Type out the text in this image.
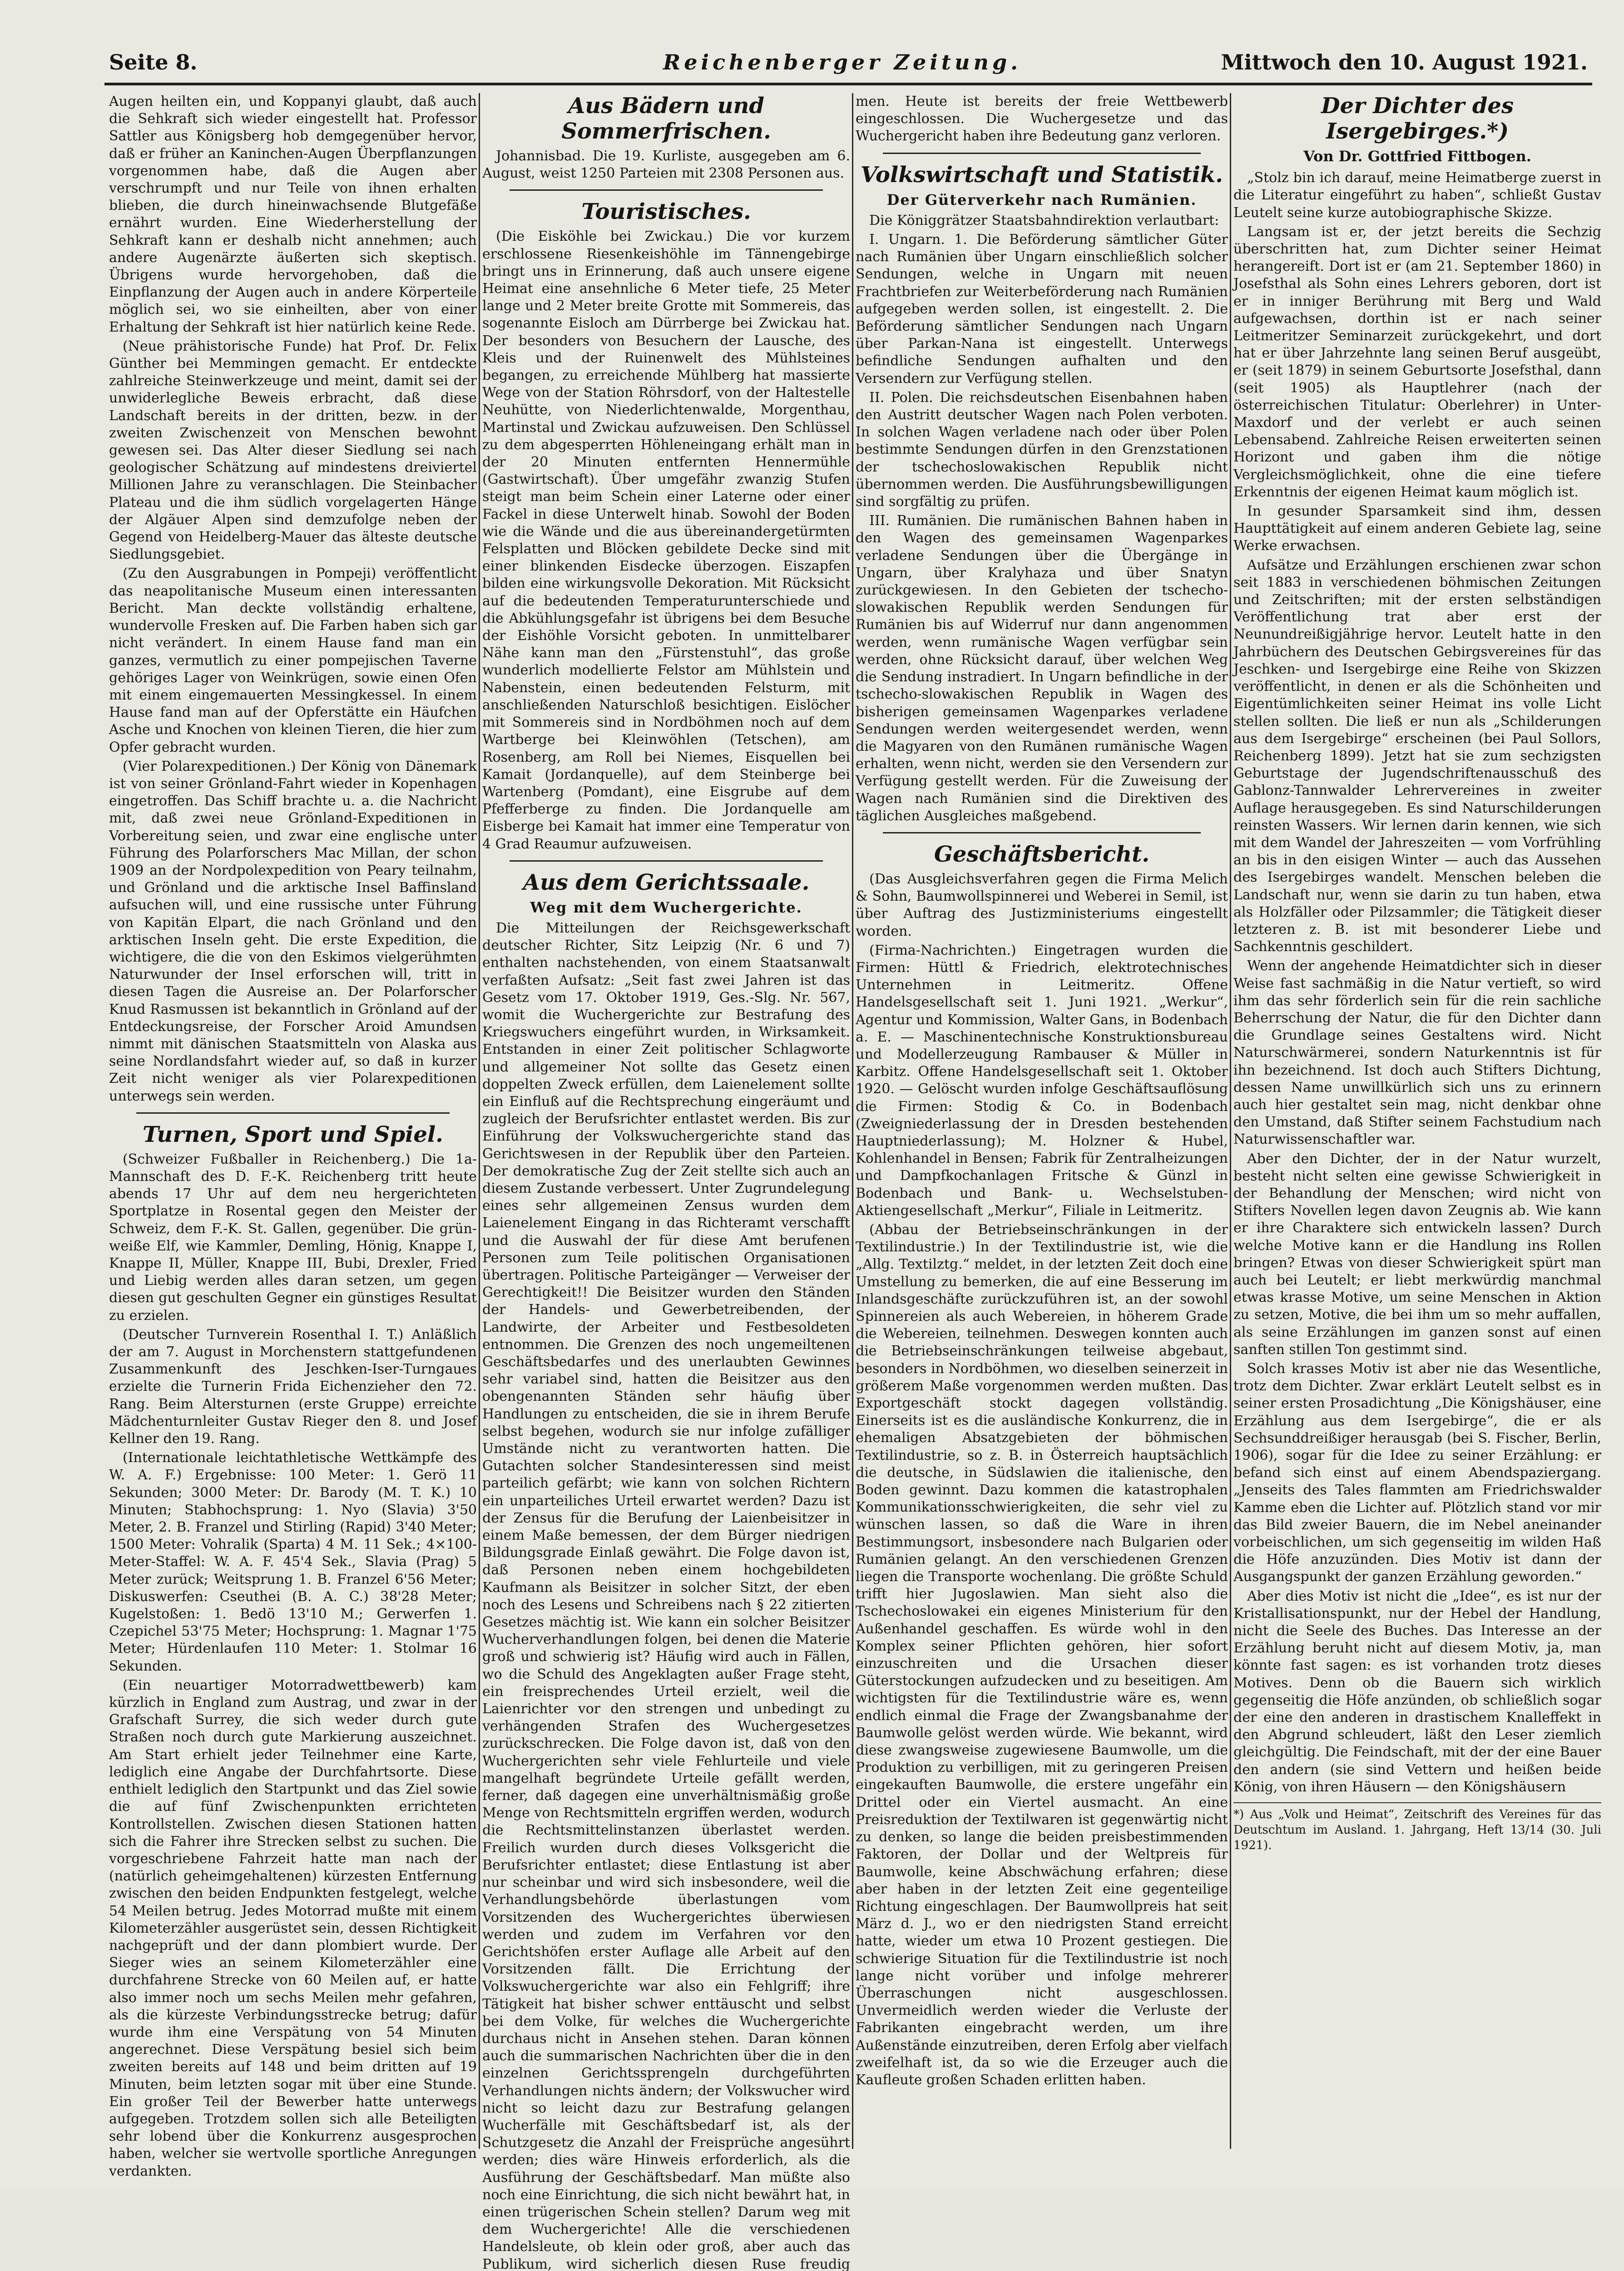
Seite 8.	Reichenberger Zeitung.	Mittwoch den 10. August 1921.

Augen heilten ein, und Koppanyi glaubt, daß auch die Sehkraft sich wieder eingestellt hat. Professor Sattler aus Königsberg hob demgegenüber hervor, daß er früher an Kaninchen-Augen Überpflanzungen vorgenommen habe, daß die Augen aber verschrumpft und nur Teile von ihnen erhalten blieben, die durch hineinwachsende Blutgefäße ernährt wurden. Eine Wiederherstellung der Sehkraft kann er deshalb nicht annehmen; auch andere Augenärzte äußerten sich skeptisch. Übrigens wurde hervorgehoben, daß die Einpflanzung der Augen auch in andere Körperteile möglich sei, wo sie einheilten, aber von einer Erhaltung der Sehkraft ist hier natürlich keine Rede.

(Neue prähistorische Funde) hat Prof. Dr. Felix Günther bei Memmingen gemacht. Er entdeckte zahlreiche Steinwerkzeuge und meint, damit sei der unwiderlegliche Beweis erbracht, daß diese Landschaft bereits in der dritten, bezw. in der zweiten Zwischenzeit von Menschen bewohnt gewesen sei. Das Alter dieser Siedlung sei nach geologischer Schätzung auf mindestens dreiviertel Millionen Jahre zu veranschlagen. Die Steinbacher Plateau und die ihm südlich vorgelagerten Hänge der Algäuer Alpen sind demzufolge neben der Gegend von Heidelberg-Mauer das älteste deutsche Siedlungsgebiet.

(Zu den Ausgrabungen in Pompeji) veröffentlicht das neapolitanische Museum einen interessanten Bericht. Man deckte vollständig erhaltene, wundervolle Fresken auf. Die Farben haben sich gar nicht verändert. In einem Hause fand man ein ganzes, vermutlich zu einer pompejischen Taverne gehöriges Lager von Weinkrügen, sowie einen Ofen mit einem eingemauerten Messingkessel. In einem Hause fand man auf der Opferstätte ein Häufchen Asche und Knochen von kleinen Tieren, die hier zum Opfer gebracht wurden.

(Vier Polarexpeditionen.) Der König von Dänemark ist von seiner Grönland-Fahrt wieder in Kopenhagen eingetroffen. Das Schiff brachte u. a. die Nachricht mit, daß zwei neue Grönland-Expeditionen in Vorbereitung seien, und zwar eine englische unter Führung des Polarforschers Mac Millan, der schon 1909 an der Nordpolexpedition von Peary teilnahm, und Grönland und die arktische Insel Baffinsland aufsuchen will, und eine russische unter Führung von Kapitän Elpart, die nach Grönland und den arktischen Inseln geht. Die erste Expedition, die wichtigere, die die von den Eskimos vielgerühmten Naturwunder der Insel erforschen will, tritt in diesen Tagen die Ausreise an. Der Polarforscher Knud Rasmussen ist bekanntlich in Grönland auf der Entdeckungsreise, der Forscher Aroid Amundsen nimmt mit dänischen Staatsmitteln von Alaska aus seine Nordlandsfahrt wieder auf, so daß in kurzer Zeit nicht weniger als vier Polarexpeditionen unterwegs sein werden.

Turnen, Sport und Spiel.

(Schweizer Fußballer in Reichenberg.) Die 1a-Mannschaft des D. F.-K. Reichenberg tritt heute abends 17 Uhr auf dem neu hergerichteten Sportplatze in Rosental gegen den Meister der Schweiz, dem F.-K. St. Gallen, gegenüber. Die grün-weiße Elf, wie Kammler, Demling, Hönig, Knappe I, Knappe II, Müller, Knappe III, Bubi, Drexler, Fried und Liebig werden alles daran setzen, um gegen diesen gut geschulten Gegner ein günstiges Resultat zu erzielen.

(Deutscher Turnverein Rosenthal I. T.) Anläßlich der am 7. August in Morchenstern stattgefundenen Zusammenkunft des Jeschken-Iser-Turngaues erzielte die Turnerin Frida Eichenzieher den 72. Rang. Beim Altersturnen (erste Gruppe) erreichte Mädchenturnleiter Gustav Rieger den 8. und Josef Kellner den 19. Rang.

(Internationale leichtathletische Wettkämpfe des W. A. F.) Ergebnisse: 100 Meter: 1. Gerö 11 Sekunden; 3000 Meter: Dr. Barody (M. T. K.) 10 Minuten; Stabhochsprung: 1. Nyo (Slavia) 3'50 Meter, 2. B. Franzel und Stirling (Rapid) 3'40 Meter; 1500 Meter: Vohralik (Sparta) 4 M. 11 Sek.; 4×100-Meter-Staffel: W. A. F. 45'4 Sek., Slavia (Prag) 5 Meter zurück; Weitsprung 1. B. Franzel 6'56 Meter; Diskuswerfen: Cseuthei (B. A. C.) 38'28 Meter; Kugelstoßen: 1. Bedö 13'10 M.; Gerwerfen 1. Czepichel 53'75 Meter; Hochsprung: 1. Magnar 1'75 Meter; Hürdenlaufen 110 Meter: 1. Stolmar 16 Sekunden.

(Ein neuartiger Motorradwettbewerb) kam kürzlich in England zum Austrag, und zwar in der Grafschaft Surrey, die sich weder durch gute Straßen noch durch gute Markierung auszeichnet. Am Start erhielt jeder Teilnehmer eine Karte, lediglich eine Angabe der Durchfahrtsorte. Diese enthielt lediglich den Startpunkt und das Ziel sowie die auf fünf Zwischenpunkten errichteten Kontrollstellen. Zwischen diesen Stationen hatten sich die Fahrer ihre Strecken selbst zu suchen. Die vorgeschriebene Fahrzeit hatte man nach der (natürlich geheimgehaltenen) kürzesten Entfernung zwischen den beiden Endpunkten festgelegt, welche 54 Meilen betrug. Jedes Motorrad mußte mit einem Kilometerzähler ausgerüstet sein, dessen Richtigkeit nachgeprüft und der dann plombiert wurde. Der Sieger wies an seinem Kilometerzähler eine durchfahrene Strecke von 60 Meilen auf, er hatte also immer noch um sechs Meilen mehr gefahren, als die kürzeste Verbindungsstrecke betrug; dafür wurde ihm eine Verspätung von 54 Minuten angerechnet. Diese Verspätung besiel sich beim zweiten bereits auf 148 und beim dritten auf 19 Minuten, beim letzten sogar mit über eine Stunde. Ein großer Teil der Bewerber hatte unterwegs aufgegeben. Trotzdem sollen sich alle Beteiligten sehr lobend über die Konkurrenz ausgesprochen haben, welcher sie wertvolle sportliche Anregungen verdankten.

Aus Bädern und Sommerfrischen.

Johannisbad. Die 19. Kurliste, ausgegeben am 6. August, weist 1250 Parteien mit 2308 Personen aus.

Touristisches.

(Die Eisköhle bei Zwickau.) Die vor kurzem erschlossene Riesenkeishöhle im Tännengebirge bringt uns in Erinnerung, daß auch unsere eigene Heimat eine ansehnliche 6 Meter tiefe, 25 Meter lange und 2 Meter breite Grotte mit Sommereis, das sogenannte Eisloch am Dürrberge bei Zwickau hat. Der besonders von Besuchern der Lausche, des Kleis und der Ruinenwelt des Mühlsteines begangen, zu erreichende Mühlberg hat massierte Wege von der Station Röhrsdorf, von der Haltestelle Neuhütte, von Niederlichtenwalde, Morgenthau, Martinstal und Zwickau aufzuweisen. Den Schlüssel zu dem abgesperrten Höhleneingang erhält man in der 20 Minuten entfernten Hennermühle (Gastwirtschaft). Über umgefähr zwanzig Stufen steigt man beim Schein einer Laterne oder einer Fackel in diese Unterwelt hinab. Sowohl der Boden wie die Wände und die aus übereinandergetürmten Felsplatten und Blöcken gebildete Decke sind mit einer blinkenden Eisdecke überzogen. Eiszapfen bilden eine wirkungsvolle Dekoration. Mit Rücksicht auf die bedeutenden Temperaturunterschiede und die Abkühlungsgefahr ist übrigens bei dem Besuche der Eishöhle Vorsicht geboten. In unmittelbarer Nähe kann man den „Fürstenstuhl“, das große wunderlich modellierte Felstor am Mühlstein und Nabenstein, einen bedeutenden Felsturm, mit anschließenden Naturschloß besichtigen. Eislöcher mit Sommereis sind in Nordböhmen noch auf dem Wartberge bei Kleinwöhlen (Tetschen), am Rosenberg, am Roll bei Niemes, Eisquellen bei Kamait (Jordanquelle), auf dem Steinberge bei Wartenberg (Pomdant), eine Eisgrube auf dem Pfefferberge zu finden. Die Jordanquelle am Eisberge bei Kamait hat immer eine Temperatur von 4 Grad Reaumur aufzuweisen.

Aus dem Gerichtssaale.
Weg mit dem Wuchergerichte.

Die Mitteilungen der Reichsgewerkschaft deutscher Richter, Sitz Leipzig (Nr. 6 und 7) enthalten nachstehenden, von einem Staatsanwalt verfaßten Aufsatz: „Seit fast zwei Jahren ist das Gesetz vom 17. Oktober 1919, Ges.-Slg. Nr. 567, womit die Wuchergerichte zur Bestrafung des Kriegswuchers eingeführt wurden, in Wirksamkeit. Entstanden in einer Zeit politischer Schlagworte und allgemeiner Not sollte das Gesetz einen doppelten Zweck erfüllen, dem Laienelement sollte ein Einfluß auf die Rechtsprechung eingeräumt und zugleich der Berufsrichter entlastet werden. Bis zur Einführung der Volkswuchergerichte stand das Gerichtswesen in der Republik über den Parteien. Der demokratische Zug der Zeit stellte sich auch an diesem Zustande verbessert. Unter Zugrundelegung eines sehr allgemeinen Zensus wurden dem Laienelement Eingang in das Richteramt verschafft und die Auswahl der für diese Amt berufenen Personen zum Teile politischen Organisationen übertragen. Politische Parteigänger — Verweiser der Gerechtigkeit!! Die Beisitzer wurden den Ständen der Handels- und Gewerbetreibenden, der Landwirte, der Arbeiter und Festbesoldeten entnommen. Die Grenzen des noch ungemeiltenen Geschäftsbedarfes und des unerlaubten Gewinnes sehr variabel sind, hatten die Beisitzer aus den obengenannten Ständen sehr häufig über Handlungen zu entscheiden, die sie in ihrem Berufe selbst begehen, wodurch sie nur infolge zufälliger Umstände nicht zu verantworten hatten. Die Gutachten solcher Standesinteressen sind meist parteilich gefärbt; wie kann von solchen Richtern ein unparteiliches Urteil erwartet werden? Dazu ist der Zensus für die Berufung der Laienbeisitzer in einem Maße bemessen, der dem Bürger niedrigen Bildungsgrade Einlaß gewährt. Die Folge davon ist, daß Personen neben einem hochgebildeten Kaufmann als Beisitzer in solcher Sitzt, der eben noch des Lesens und Schreibens nach § 22 zitierten Gesetzes mächtig ist. Wie kann ein solcher Beisitzer Wucherverhandlungen folgen, bei denen die Materie groß und schwierig ist? Häufig wird auch in Fällen, wo die Schuld des Angeklagten außer Frage steht, ein freisprechendes Urteil erzielt, weil die Laienrichter vor den strengen und unbedingt zu verhängenden Strafen des Wuchergesetzes zurückschrecken. Die Folge davon ist, daß von den Wuchergerichten sehr viele Fehlurteile und viele mangelhaft begründete Urteile gefällt werden, ferner, daß dagegen eine unverhältnismäßig große Menge von Rechtsmitteln ergriffen werden, wodurch die Rechtsmittelinstanzen überlastet werden. Freilich wurden durch dieses Volksgericht die Berufsrichter entlastet; diese Entlastung ist aber nur scheinbar und wird sich insbesondere, weil die Verhandlungsbehörde überlastungen vom Vorsitzenden des Wuchergerichtes überwiesen werden und zudem im Verfahren vor den Gerichtshöfen erster Auflage alle Arbeit auf den Vorsitzenden fällt. Die Errichtung der Volkswuchergerichte war also ein Fehlgriff; ihre Tätigkeit hat bisher schwer enttäuscht und selbst bei dem Volke, für welches die Wuchergerichte durchaus nicht in Ansehen stehen. Daran können auch die summarischen Nachrichten über die in den einzelnen Gerichtssprengeln durchgeführten Verhandlungen nichts ändern; der Volkswucher wird nicht so leicht dazu zur Bestrafung gelangen Wucherfälle mit Geschäftsbedarf ist, als der Schutzgesetz die Anzahl der Freisprüche angesührt werden; dies wäre Hinweis erforderlich, als die Ausführung der Geschäftsbedarf. Man müßte also noch eine Einrichtung, die sich nicht bewährt hat, in einen trügerischen Schein stellen? Darum weg mit dem Wuchergerichte! Alle die verschiedenen Handelsleute, ob klein oder groß, aber auch das Publikum, wird sicherlich diesen Ruse freudig

men. Heute ist bereits der freie Wettbewerb eingeschlossen. Die Wuchergesetze und das Wuchergericht haben ihre Bedeutung ganz verloren.

Volkswirtschaft und Statistik.
Der Güterverkehr nach Rumänien.

Die Königgrätzer Staatsbahndirektion verlautbart:

I. Ungarn. 1. Die Beförderung sämtlicher Güter nach Rumänien über Ungarn einschließlich solcher Sendungen, welche in Ungarn mit neuen Frachtbriefen zur Weiterbeförderung nach Rumänien aufgegeben werden sollen, ist eingestellt. 2. Die Beförderung sämtlicher Sendungen nach Ungarn über Parkan-Nana ist eingestellt. Unterwegs befindliche Sendungen aufhalten und den Versendern zur Verfügung stellen.

II. Polen. Die reichsdeutschen Eisenbahnen haben den Austritt deutscher Wagen nach Polen verboten. In solchen Wagen verladene nach oder über Polen bestimmte Sendungen dürfen in den Grenzstationen der tschechoslowakischen Republik nicht übernommen werden. Die Ausführungsbewilligungen sind sorgfältig zu prüfen.

III. Rumänien. Die rumänischen Bahnen haben in den Wagen des gemeinsamen Wagenparkes verladene Sendungen über die Übergänge in Ungarn, über Kralyhaza und über Snatyn zurückgewiesen. In den Gebieten der tschecho-slowakischen Republik werden Sendungen für Rumänien bis auf Widerruf nur dann angenommen werden, wenn rumänische Wagen verfügbar sein werden, ohne Rücksicht darauf, über welchen Weg die Sendung instradiert. In Ungarn befindliche in der tschecho-slowakischen Republik in Wagen des bisherigen gemeinsamen Wagenparkes verladene Sendungen werden weitergesendet werden, wenn die Magyaren von den Rumänen rumänische Wagen erhalten, wenn nicht, werden sie den Versendern zur Verfügung gestellt werden. Für die Zuweisung der Wagen nach Rumänien sind die Direktiven des täglichen Ausgleiches maßgebend.

Geschäftsbericht.

(Das Ausgleichsverfahren gegen die Firma Melich & Sohn, Baumwollspinnerei und Weberei in Semil, ist über Auftrag des Justizministeriums eingestellt worden.

(Firma-Nachrichten.) Eingetragen wurden die Firmen: Hüttl & Friedrich, elektrotechnisches Unternehmen in Leitmeritz. Offene Handelsgesellschaft seit 1. Juni 1921. „Werkur“, Agentur und Kommission, Walter Gans, in Bodenbach a. E. — Maschinentechnische Konstruktionsbureau und Modellerzeugung Rambauser & Müller in Karbitz. Offene Handelsgesellschaft seit 1. Oktober 1920. — Gelöscht wurden infolge Geschäftsauflösung die Firmen: Stodig & Co. in Bodenbach (Zweigniederlassung der in Dresden bestehenden Hauptniederlassung); M. Holzner & Hubel, Kohlenhandel in Bensen; Fabrik für Zentralheizungen und Dampfkochanlagen Fritsche & Günzl in Bodenbach und Bank- u. Wechselstuben-Aktiengesellschaft „Merkur“, Filiale in Leitmeritz.

(Abbau der Betriebseinschränkungen in der Textilindustrie.) In der Textilindustrie ist, wie die „Allg. Textilztg.“ meldet, in der letzten Zeit doch eine Umstellung zu bemerken, die auf eine Besserung im Inlandsgeschäfte zurückzuführen ist, an der sowohl Spinnereien als auch Webereien, in höherem Grade die Webereien, teilnehmen. Deswegen konnten auch die Betriebseinschränkungen teilweise abgebaut, besonders in Nordböhmen, wo dieselben seinerzeit in größerem Maße vorgenommen werden mußten. Das Exportgeschäft stockt dagegen vollständig. Einerseits ist es die ausländische Konkurrenz, die in ehemaligen Absatzgebieten der böhmischen Textilindustrie, so z. B. in Österreich hauptsächlich die deutsche, in Südslawien die italienische, den Boden gewinnt. Dazu kommen die katastrophalen Kommunikationsschwierigkeiten, die sehr viel zu wünschen lassen, so daß die Ware in ihren Bestimmungsort, insbesondere nach Bulgarien oder Rumänien gelangt. An den verschiedenen Grenzen liegen die Transporte wochenlang. Die größte Schuld trifft hier Jugoslawien. Man sieht also die Tschechoslowakei ein eigenes Ministerium für den Außenhandel geschaffen. Es würde wohl in den Komplex seiner Pflichten gehören, hier sofort einzuschreiten und die Ursachen dieser Güterstockungen aufzudecken und zu beseitigen. Am wichtigsten für die Textilindustrie wäre es, wenn endlich einmal die Frage der Zwangsbanahme der Baumwolle gelöst werden würde. Wie bekannt, wird diese zwangsweise zugewiesene Baumwolle, um die Produktion zu verbilligen, mit zu geringeren Preisen eingekauften Baumwolle, die erstere ungefähr ein Drittel oder ein Viertel ausmacht. An eine Preisreduktion der Textilwaren ist gegenwärtig nicht zu denken, so lange die beiden preisbestimmenden Faktoren, der Dollar und der Weltpreis für Baumwolle, keine Abschwächung erfahren; diese aber haben in der letzten Zeit eine gegenteilige Richtung eingeschlagen. Der Baumwollpreis hat seit März d. J., wo er den niedrigsten Stand erreicht hatte, wieder um etwa 10 Prozent gestiegen. Die schwierige Situation für die Textilindustrie ist noch lange nicht vorüber und infolge mehrerer Überraschungen nicht ausgeschlossen. Unvermeidlich werden wieder die Verluste der Fabrikanten eingebracht werden, um ihre Außenstände einzutreiben, deren Erfolg aber vielfach zweifelhaft ist, da so wie die Erzeuger auch die Kaufleute großen Schaden erlitten haben.

Der Dichter des Isergebirges.*)
Von Dr. Gottfried Fittbogen.

„Stolz bin ich darauf, meine Heimatberge zuerst in die Literatur eingeführt zu haben“, schließt Gustav Leutelt seine kurze autobiographische Skizze.

Langsam ist er, der jetzt bereits die Sechzig überschritten hat, zum Dichter seiner Heimat herangereift. Dort ist er (am 21. September 1860) in Josefsthal als Sohn eines Lehrers geboren, dort ist er in inniger Berührung mit Berg und Wald aufgewachsen, dorthin ist er nach seiner Leitmeritzer Seminarzeit zurückgekehrt, und dort hat er über Jahrzehnte lang seinen Beruf ausgeübt, er (seit 1879) in seinem Geburtsorte Josefsthal, dann (seit 1905) als Hauptlehrer (nach der österreichischen Titulatur: Oberlehrer) in Unter-Maxdorf und der verlebt er auch seinen Lebensabend. Zahlreiche Reisen erweiterten seinen Horizont und gaben ihm die nötige Vergleichsmöglichkeit, ohne die eine tiefere Erkenntnis der eigenen Heimat kaum möglich ist.

In gesunder Sparsamkeit sind ihm, dessen Haupttätigkeit auf einem anderen Gebiete lag, seine Werke erwachsen.

Aufsätze und Erzählungen erschienen zwar schon seit 1883 in verschiedenen böhmischen Zeitungen und Zeitschriften; mit der ersten selbständigen Veröffentlichung trat aber erst der Neunundreißigjährige hervor. Leutelt hatte in den Jahrbüchern des Deutschen Gebirgsvereines für das Jeschken- und Isergebirge eine Reihe von Skizzen veröffentlicht, in denen er als die Schönheiten und Eigentümlichkeiten seiner Heimat ins volle Licht stellen sollten. Die ließ er nun als „Schilderungen aus dem Isergebirge“ erscheinen (bei Paul Sollors, Reichenberg 1899). Jetzt hat sie zum sechzigsten Geburtstage der Jugendschriftenausschuß des Gablonz-Tannwalder Lehrervereines in zweiter Auflage herausgegeben. Es sind Naturschilderungen reinsten Wassers. Wir lernen darin kennen, wie sich mit dem Wandel der Jahreszeiten — vom Vorfrühling an bis in den eisigen Winter — auch das Aussehen des Isergebirges wandelt. Menschen beleben die Landschaft nur, wenn sie darin zu tun haben, etwa als Holzfäller oder Pilzsammler; die Tätigkeit dieser letzteren z. B. ist mit besonderer Liebe und Sachkenntnis geschildert.

Wenn der angehende Heimatdichter sich in dieser Weise fast sachmäßig in die Natur vertieft, so wird ihm das sehr förderlich sein für die rein sachliche Beherrschung der Natur, die für den Dichter dann die Grundlage seines Gestaltens wird. Nicht Naturschwärmerei, sondern Naturkenntnis ist für ihn bezeichnend. Ist doch auch Stifters Dichtung, dessen Name unwillkürlich sich uns zu erinnern auch hier gestaltet sein mag, nicht denkbar ohne den Umstand, daß Stifter seinem Fachstudium nach Naturwissenschaftler war.

Aber den Dichter, der in der Natur wurzelt, besteht nicht selten eine gewisse Schwierigkeit in der Behandlung der Menschen; wird nicht von Stifters Novellen legen davon Zeugnis ab. Wie kann er ihre Charaktere sich entwickeln lassen? Durch welche Motive kann er die Handlung ins Rollen bringen? Etwas von dieser Schwierigkeit spürt man auch bei Leutelt; er liebt merkwürdig manchmal etwas krasse Motive, um seine Menschen in Aktion zu setzen, Motive, die bei ihm um so mehr auffallen, als seine Erzählungen im ganzen sonst auf einen sanften stillen Ton gestimmt sind.

Solch krasses Motiv ist aber nie das Wesentliche, trotz dem Dichter. Zwar erklärt Leutelt selbst es in seiner ersten Prosadichtung „Die Königshäuser, eine Erzählung aus dem Isergebirge“, die er als Sechsunddreißiger herausgab (bei S. Fischer, Berlin, 1906), sogar für die Idee zu seiner Erzählung: er befand sich einst auf einem Abendspaziergang. „Jenseits des Tales flammten am Friedrichswalder Kamme eben die Lichter auf. Plötzlich stand vor mir das Bild zweier Bauern, die im Nebel aneinander vorbeischlichen, um sich gegenseitig im wilden Haß die Höfe anzuzünden. Dies Motiv ist dann der Ausgangspunkt der ganzen Erzählung geworden.“

Aber dies Motiv ist nicht die „Idee“, es ist nur der Kristallisationspunkt, nur der Hebel der Handlung, nicht die Seele des Buches. Das Interesse an der Erzählung beruht nicht auf diesem Motiv, ja, man könnte fast sagen: es ist vorhanden trotz dieses Motives. Denn ob die Bauern sich wirklich gegenseitig die Höfe anzünden, ob schließlich sogar der eine den anderen in drastischem Knalleffekt in den Abgrund schleudert, läßt den Leser ziemlich gleichgültig. Die Feindschaft, mit der der eine Bauer den andern (sie sind Vettern und heißen beide König, von ihren Häusern — den Königshäusern

*) Aus „Volk und Heimat“, Zeitschrift des Vereines für das Deutschtum im Ausland. 1. Jahrgang, Heft 13/14 (30. Juli 1921).
